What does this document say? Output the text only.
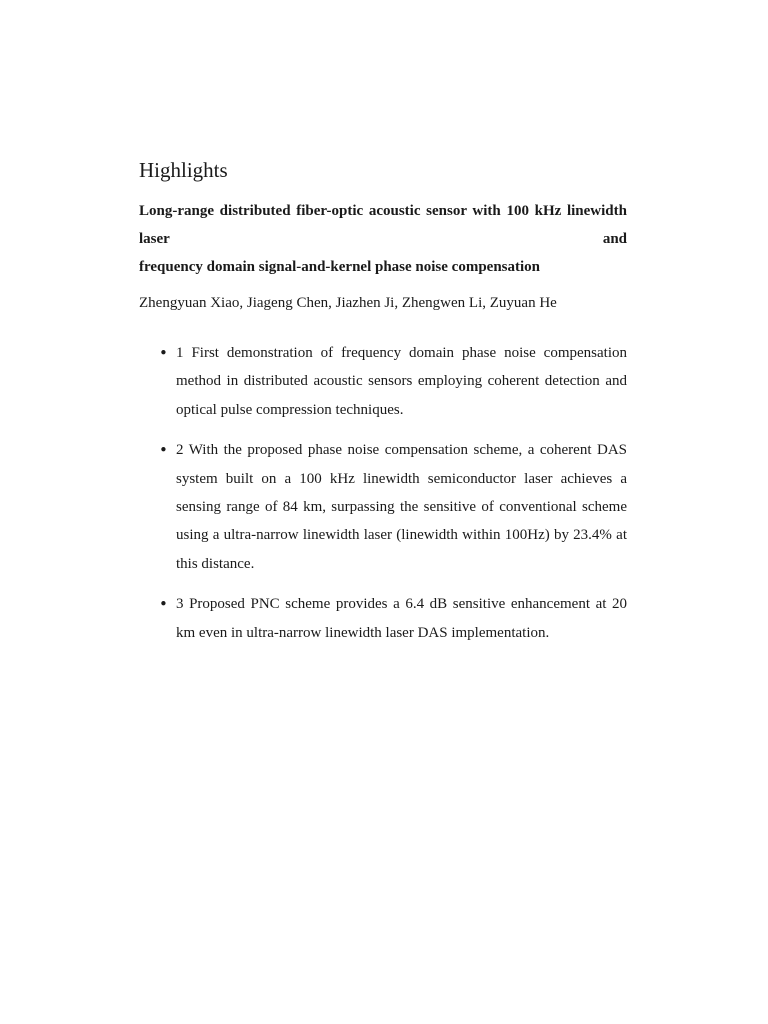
Highlights

Long-range distributed fiber-optic acoustic sensor with 100 kHz linewidth laser and

frequency domain signal-and-kernel phase noise compensation

Zhengyuan Xiao, Jiageng Chen, Jiazhen Ji, Zhengwen Li, Zuyuan He

• 1 First demonstration of frequency domain phase noise compensation method in distributed acoustic sensors employing coherent detection and optical pulse compression techniques.

• 2 With the proposed phase noise compensation scheme, a coherent DAS system built on a 100 kHz linewidth semiconductor laser achieves a sensing range of 84 km, surpassing the sensitive of conventional scheme using a ultra-narrow linewidth laser (linewidth within 100Hz) by 23.4% at this distance.

• 3 Proposed PNC scheme provides a 6.4 dB sensitive enhancement at 20 km even in ultra-narrow linewidth laser DAS implementation.
